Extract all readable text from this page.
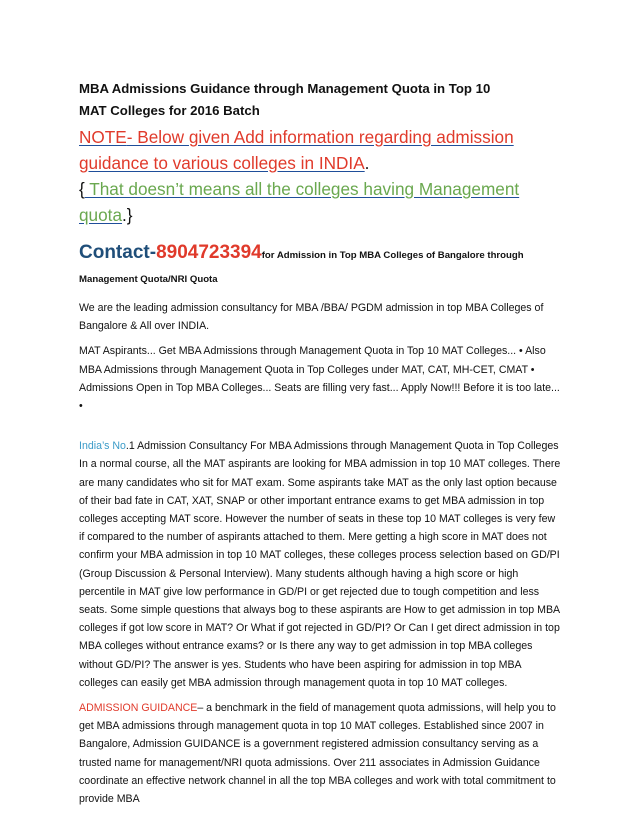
MBA Admissions Guidance through Management Quota in Top 10
MAT Colleges for 2016 Batch

NOTE- Below given Add information regarding admission guidance to various colleges in INDIA.

{ That doesn’t means all the colleges having Management quota.}

Contact-8904723394for Admission in Top MBA Colleges of Bangalore through

Management Quota/NRI Quota

We are the leading admission consultancy for MBA /BBA/ PGDM admission in top MBA Colleges of Bangalore & All over INDIA.

MAT Aspirants... Get MBA Admissions through Management Quota in Top 10 MAT Colleges... • Also MBA Admissions through Management Quota in Top Colleges under MAT, CAT, MH-CET, CMAT • Admissions Open in Top MBA Colleges... Seats are filling very fast... Apply Now!!! Before it is too late... •

India’s No.1 Admission Consultancy For MBA Admissions through Management Quota in Top Colleges In a normal course, all the MAT aspirants are looking for MBA admission in top 10 MAT colleges. There are many candidates who sit for MAT exam. Some aspirants take MAT as the only last option because of their bad fate in CAT, XAT, SNAP or other important entrance exams to get MBA admission in top colleges accepting MAT score. However the number of seats in these top 10 MAT colleges is very few if compared to the number of aspirants attached to them. Mere getting a high score in MAT does not confirm your MBA admission in top 10 MAT colleges, these colleges process selection based on GD/PI (Group Discussion & Personal Interview). Many students although having a high score or high percentile in MAT give low performance in GD/PI or get rejected due to tough competition and less seats. Some simple questions that always bog to these aspirants are How to get admission in top MBA colleges if got low score in MAT? Or What if got rejected in GD/PI? Or Can I get direct admission in top MBA colleges without entrance exams? or Is there any way to get admission in top MBA colleges without GD/PI? The answer is yes. Students who have been aspiring for admission in top MBA colleges can easily get MBA admission through management quota in top 10 MAT colleges.

ADMISSION GUIDANCE– a benchmark in the field of management quota admissions, will help you to get MBA admissions through management quota in top 10 MAT colleges. Established since 2007 in Bangalore, Admission GUIDANCE is a government registered admission consultancy serving as a trusted name for management/NRI quota admissions. Over 211 associates in Admission Guidance coordinate an effective network channel in all the top MBA colleges and work with total commitment to provide MBA
